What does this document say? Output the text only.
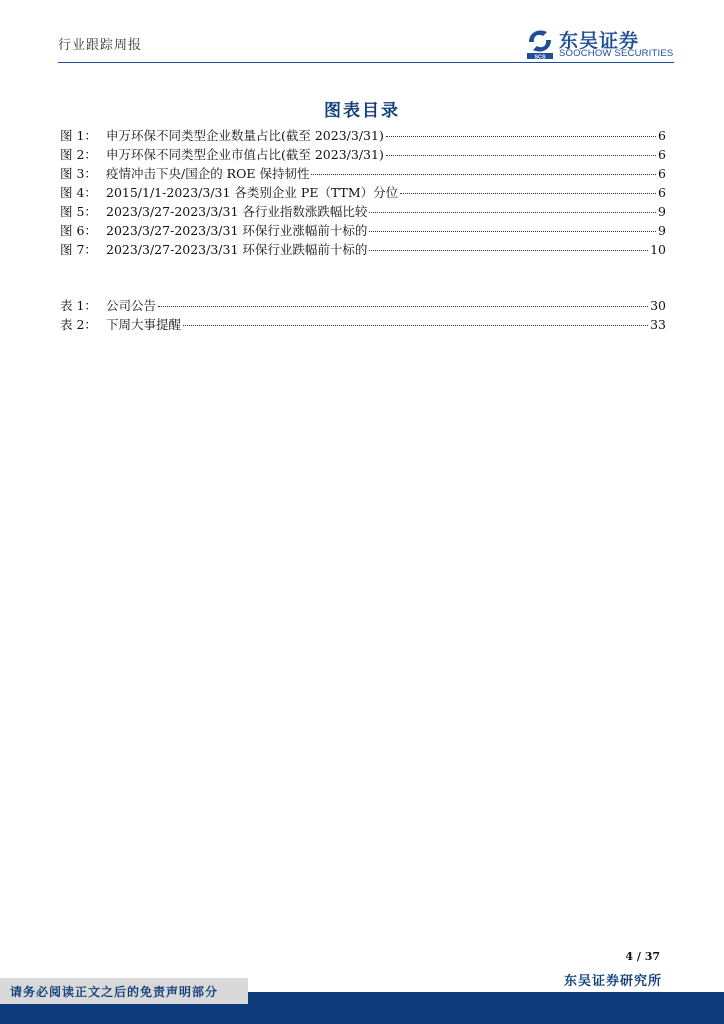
行业跟踪周报
SCS
东吴证券
SOOCHOW SECURITIES
图表目录
图 1： 申万环保不同类型企业数量占比(截至 2023/3/31)	6
图 2： 申万环保不同类型企业市值占比(截至 2023/3/31)	6
图 3： 疫情冲击下央/国企的 ROE 保持韧性	6
图 4： 2015/1/1-2023/3/31 各类别企业 PE（TTM）分位	6
图 5： 2023/3/27-2023/3/31 各行业指数涨跌幅比较	9
图 6： 2023/3/27-2023/3/31 环保行业涨幅前十标的	9
图 7： 2023/3/27-2023/3/31 环保行业跌幅前十标的	10
表 1： 公司公告	30
表 2： 下周大事提醒	33
4 / 37
东吴证券研究所
请务必阅读正文之后的免责声明部分
